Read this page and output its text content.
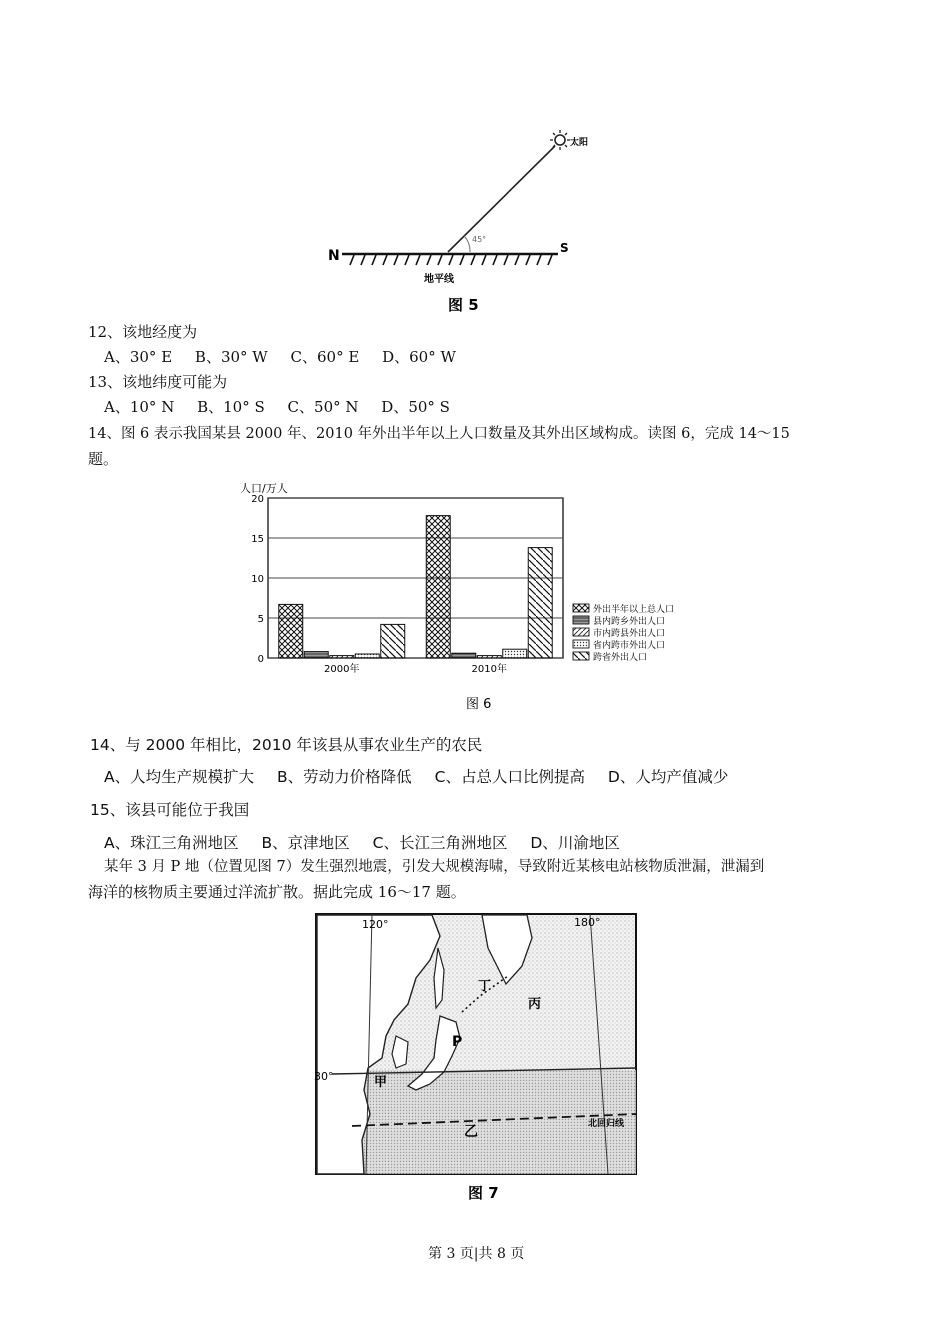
太阳
45°
N	S
地平线
图 5
12、该地经度为
A、30° E B、30° W C、60° E D、60° W
13、该地纬度可能为
A、10° N B、10° S C、50° N D、50° S
14、图 6 表示我国某县 2000 年、2010 年外出半年以上人口数量及其外出区域构成。读图 6，完成 14～15
题。
人口/万人
0
5
10
15
20
2000年	2010年
外出半年以上总人口
县内跨乡外出人口
市内跨县外出人口
省内跨市外出人口
跨省外出人口
图 6
14、与 2000 年相比，2010 年该县从事农业生产的农民
A、人均生产规模扩大 B、劳动力价格降低 C、占总人口比例提高 D、人均产值减少
15、该县可能位于我国
A、珠江三角洲地区 B、京津地区 C、长江三角洲地区 D、川渝地区
某年 3 月 P 地（位置见图 7）发生强烈地震，引发大规模海啸，导致附近某核电站核物质泄漏，泄漏到
海洋的核物质主要通过洋流扩散。据此完成 16～17 题。
120°	180°
30°
P
甲
乙
丙
丁
北回归线
图 7
第 3 页|共 8 页
